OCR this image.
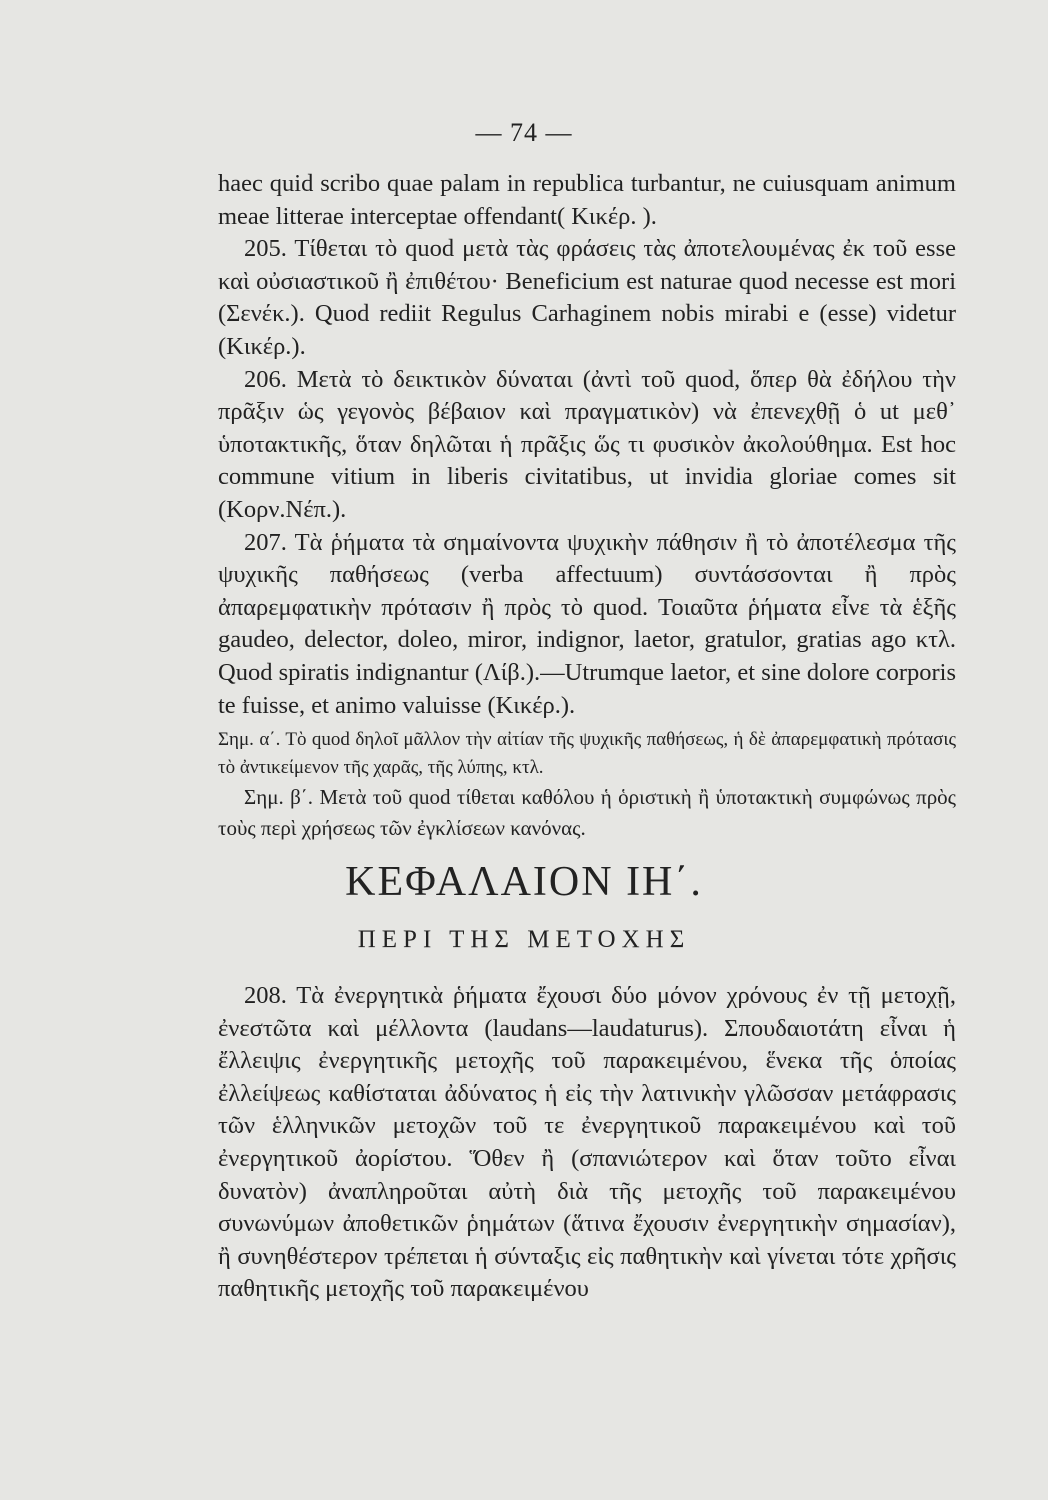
— 74 —

haec quid scribo quae palam in republica turbantur, ne cuiusquam animum meae litterae interceptae offendant( Κικέρ. ).

205. Τίθεται τὸ quod μετὰ τὰς φράσεις τὰς ἀποτελουμένας ἐκ τοῦ esse καὶ οὐσιαστικοῦ ἢ ἐπιθέτου· Beneficium est naturae quod necesse est mori (Σενέκ.). Quod rediit Regulus Carhaginem nobis mirabi e (esse) videtur (Κικέρ.).

206. Μετὰ τὸ δεικτικὸν δύναται (ἀντὶ τοῦ quod, ὅπερ θὰ ἐδήλου τὴν πρᾶξιν ὡς γεγονὸς βέβαιον καὶ πραγματικὸν) νὰ ἐπενεχθῇ ὁ ut μεθ᾿ ὑποτακτικῆς, ὅταν δηλῶται ἡ πρᾶξις ὥς τι φυσικὸν ἀκολούθημα. Est hoc commune vitium in liberis civitatibus, ut invidia gloriae comes sit (Κορν.Νέπ.).

207. Τὰ ῥήματα τὰ σημαίνοντα ψυχικὴν πάθησιν ἢ τὸ ἀποτέλεσμα τῆς ψυχικῆς παθήσεως (verba affectuum) συντάσσονται ἢ πρὸς ἀπαρεμφατικὴν πρότασιν ἢ πρὸς τὸ quod. Τοιαῦτα ῥήματα εἶνε τὰ ἑξῆς gaudeo, delector, doleo, miror, indignor, laetor, gratulor, gratias ago κτλ. Quod spiratis indignantur (Λίβ.).—Utrumque laetor, et sine dolore corporis te fuisse, et animo valuisse (Κικέρ.).

Σημ. α΄. Τὸ quod δηλοῖ μᾶλλον τὴν αἰτίαν τῆς ψυχικῆς παθήσεως, ἡ δὲ ἀπαρεμφατικὴ πρότασις τὸ ἀντικείμενον τῆς χαρᾶς, τῆς λύπης, κτλ.

Σημ. β΄. Μετὰ τοῦ quod τίθεται καθόλου ἡ ὁριστικὴ ἢ ὑποτακτικὴ συμφώνως πρὸς τοὺς περὶ χρήσεως τῶν ἐγκλίσεων κανόνας.

ΚΕΦΑΛΑΙΟΝ ΙΗ΄.
ΠΕΡΙ ΤΗΣ ΜΕΤΟΧΗΣ

208. Τὰ ἐνεργητικὰ ῥήματα ἔχουσι δύο μόνον χρόνους ἐν τῇ μετοχῇ, ἐνεστῶτα καὶ μέλλοντα (laudans—laudaturus). Σπουδαιοτάτη εἶναι ἡ ἔλλειψις ἐνεργητικῆς μετοχῆς τοῦ παρακειμένου, ἕνεκα τῆς ὁποίας ἐλλείψεως καθίσταται ἀδύνατος ἡ εἰς τὴν λατινικὴν γλῶσσαν μετάφρασις τῶν ἑλληνικῶν μετοχῶν τοῦ τε ἐνεργητικοῦ παρακειμένου καὶ τοῦ ἐνεργητικοῦ ἀορίστου. Ὅθεν ἢ (σπανιώτερον καὶ ὅταν τοῦτο εἶναι δυνατὸν) ἀναπληροῦται αὐτὴ διὰ τῆς μετοχῆς τοῦ παρακειμένου συνωνύμων ἀποθετικῶν ῥημάτων (ἅτινα ἔχουσιν ἐνεργητικὴν σημασίαν), ἢ συνηθέστερον τρέπεται ἡ σύνταξις εἰς παθητικὴν καὶ γίνεται τότε χρῆσις παθητικῆς μετοχῆς τοῦ παρακειμένου
